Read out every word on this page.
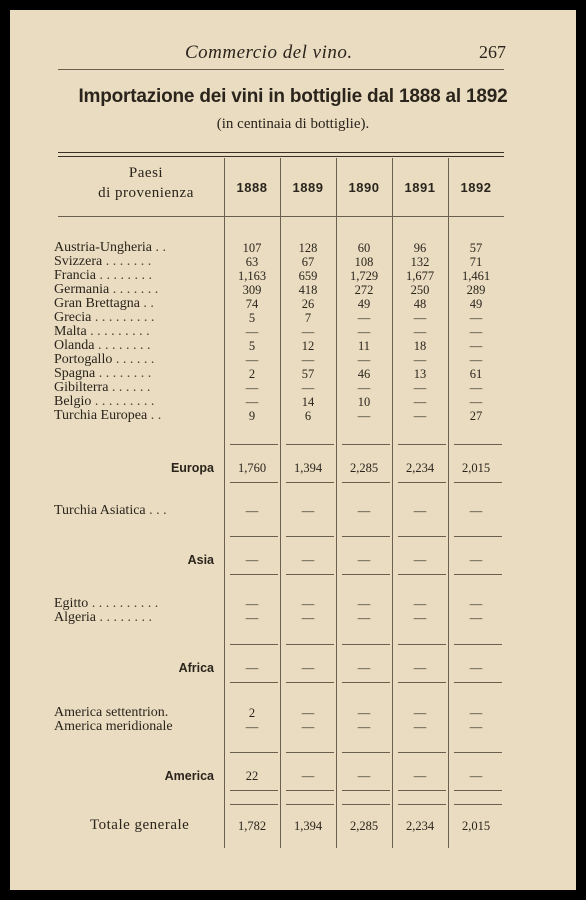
Commercio del vino.	267
Importazione dei vini in bottiglie dal 1888 al 1892
(in centinaia di bottiglie).
Paesi
di provenienza	1888	1889	1890	1891	1892
Austria-Ungheria . .	107	128	60	96	57
Svizzera . . . . . . .	63	67	108	132	71
Francia . . . . . . . .	1,163	659	1,729	1,677	1,461
Germania . . . . . . .	309	418	272	250	289
Gran Brettagna . .	74	26	49	48	49
Grecia . . . . . . . . .	5	7	—	—	—
Malta . . . . . . . . .	—	—	—	—	—
Olanda . . . . . . . .	5	12	11	18	—
Portogallo . . . . . .	—	—	—	—	—
Spagna . . . . . . . .	2	57	46	13	61
Gibilterra . . . . . .	—	—	—	—	—
Belgio . . . . . . . . .	—	14	10	—	—
Turchia Europea . .	9	6	—	—	27
Europa	1,760	1,394	2,285	2,234	2,015
Turchia Asiatica . . .	—	—	—	—	—
Asia	—	—	—	—	—
Egitto . . . . . . . . . .	—	—	—	—	—
Algeria . . . . . . . .	—	—	—	—	—
Africa	—	—	—	—	—
America settentrion.	2	—	—	—	—
America meridionale	—	—	—	—	—
America	22	—	—	—	—
Totale generale	1,782	1,394	2,285	2,234	2,015
